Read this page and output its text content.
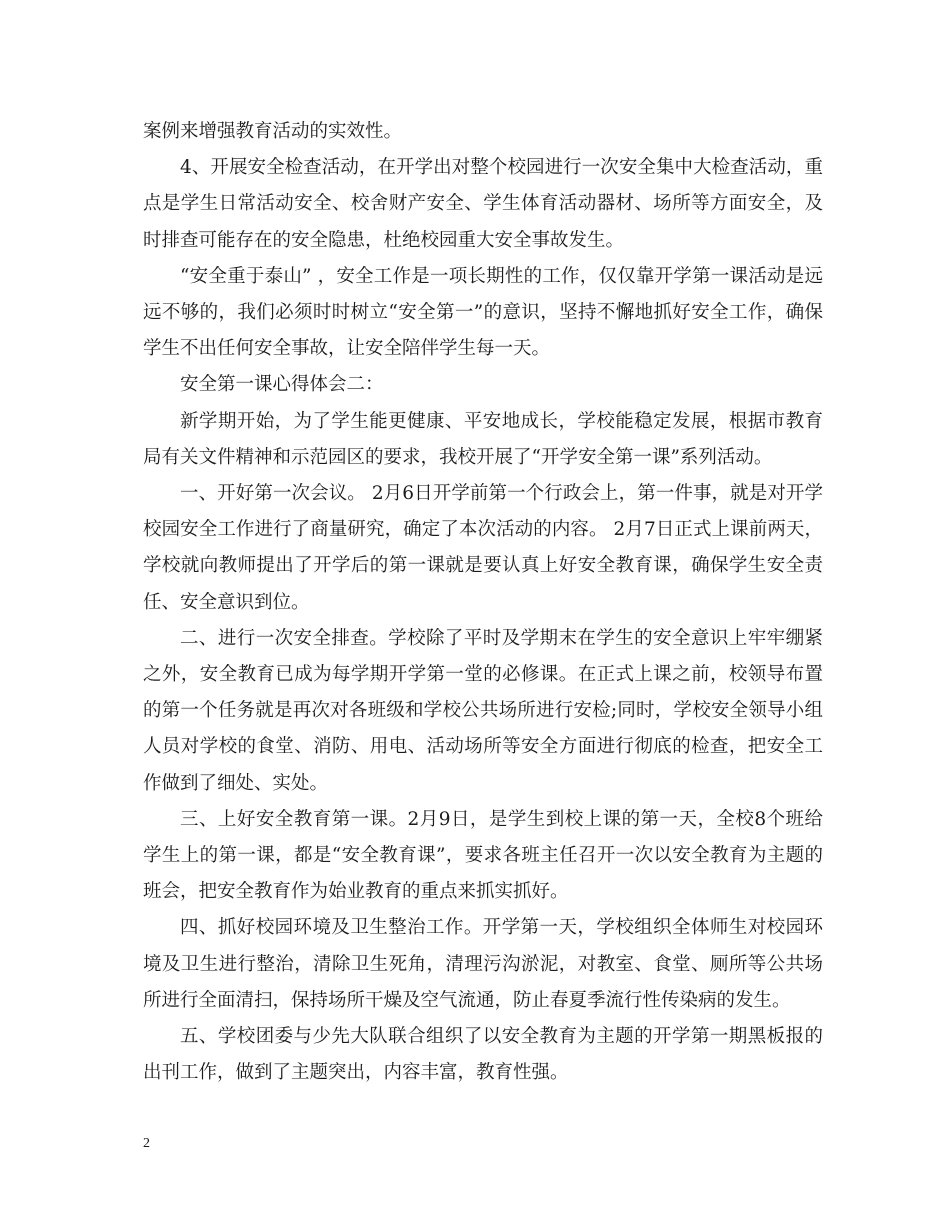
案例来增强教育活动的实效性。

4、开展安全检查活动，在开学出对整个校园进行一次安全集中大检查活动，重点是学生日常活动安全、校舍财产安全、学生体育活动器材、场所等方面安全，及时排查可能存在的安全隐患，杜绝校园重大安全事故发生。

“安全重于泰山” ，安全工作是一项长期性的工作，仅仅靠开学第一课活动是远远不够的，我们必须时时树立“安全第一”的意识，坚持不懈地抓好安全工作，确保学生不出任何安全事故，让安全陪伴学生每一天。

安全第一课心得体会二：

新学期开始，为了学生能更健康、平安地成长，学校能稳定发展，根据市教育局有关文件精神和示范园区的要求，我校开展了“开学安全第一课”系列活动。

一、开好第一次会议。 2月6日开学前第一个行政会上，第一件事，就是对开学校园安全工作进行了商量研究，确定了本次活动的内容。 2月7日正式上课前两天，学校就向教师提出了开学后的第一课就是要认真上好安全教育课，确保学生安全责任、安全意识到位。

二、进行一次安全排查。学校除了平时及学期末在学生的安全意识上牢牢绷紧之外，安全教育已成为每学期开学第一堂的必修课。在正式上课之前，校领导布置的第一个任务就是再次对各班级和学校公共场所进行安检;同时，学校安全领导小组人员对学校的食堂、消防、用电、活动场所等安全方面进行彻底的检查，把安全工作做到了细处、实处。

三、上好安全教育第一课。2月9日，是学生到校上课的第一天，全校8个班给学生上的第一课，都是“安全教育课”，要求各班主任召开一次以安全教育为主题的班会，把安全教育作为始业教育的重点来抓实抓好。

四、抓好校园环境及卫生整治工作。开学第一天，学校组织全体师生对校园环境及卫生进行整治，清除卫生死角，清理污沟淤泥，对教室、食堂、厕所等公共场所进行全面清扫，保持场所干燥及空气流通，防止春夏季流行性传染病的发生。

五、学校团委与少先大队联合组织了以安全教育为主题的开学第一期黑板报的出刊工作，做到了主题突出，内容丰富，教育性强。

2
